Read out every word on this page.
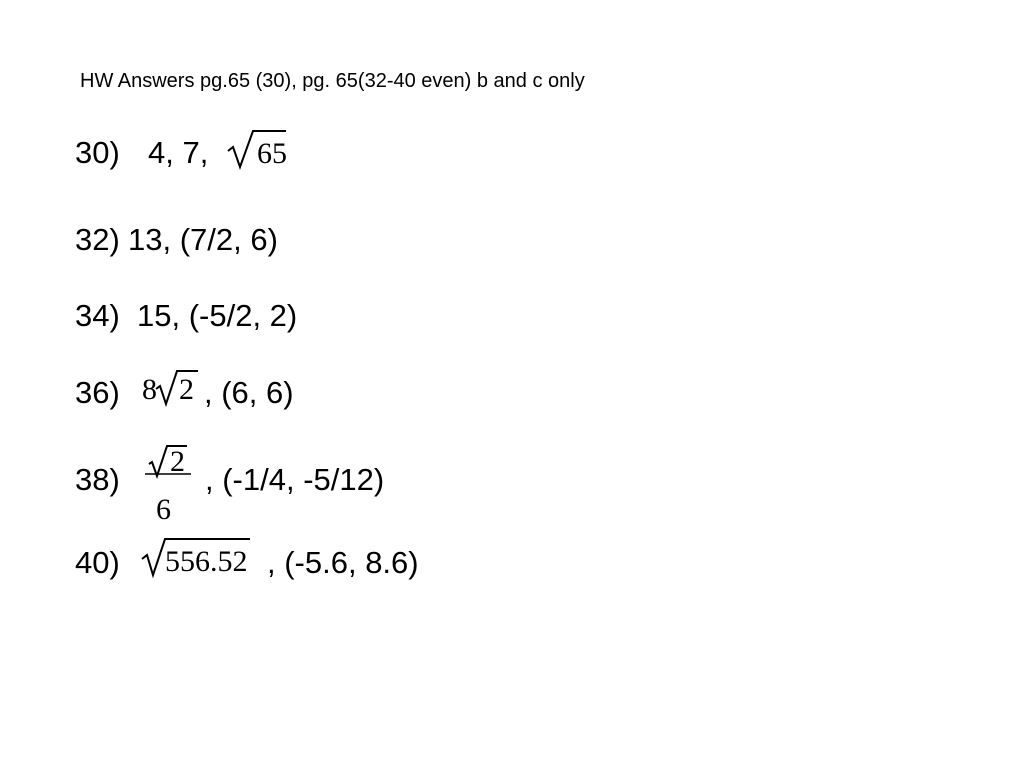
HW Answers pg.65 (30), pg. 65(32-40 even) b and c only
30) 4, 7, 65
32) 13, (7/2, 6)
34) 15, (-5/2, 2)
36) 8 2 , (6, 6)
38)
2
6
, (-1/4, -5/12)
40) 556.52 , (-5.6, 8.6)
